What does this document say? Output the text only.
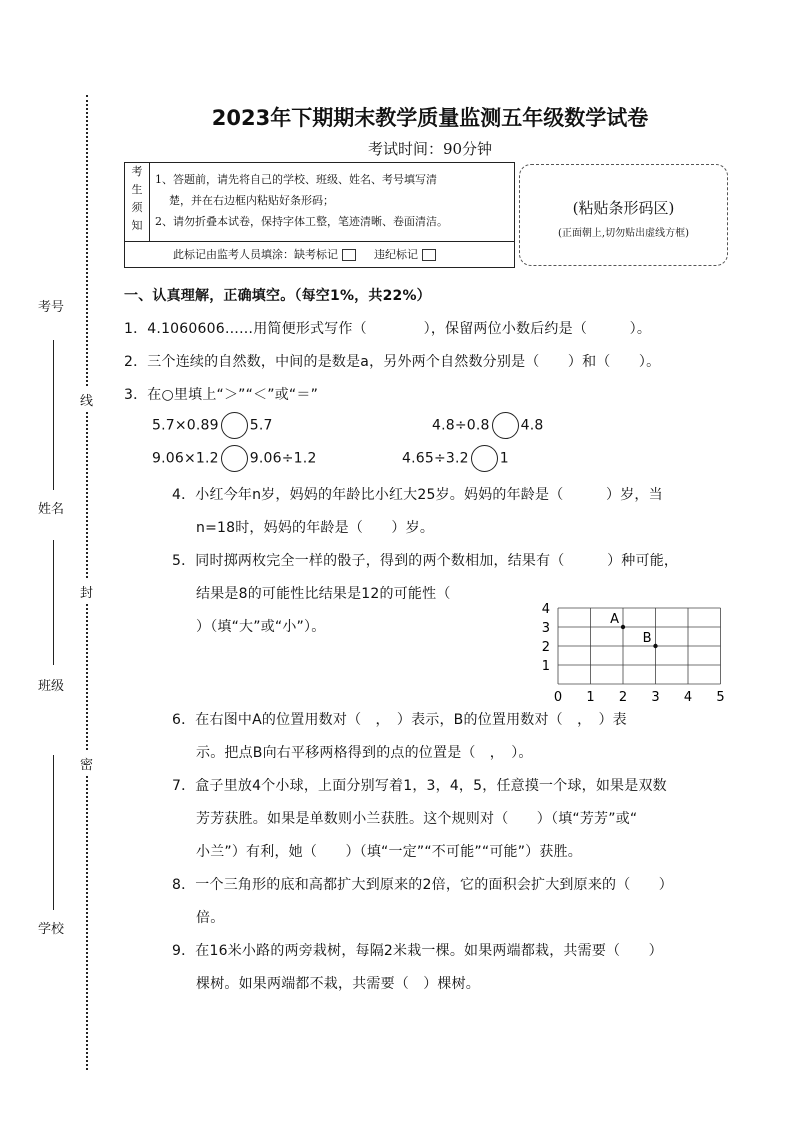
考号
姓名
班级
学校
线
封
密
2023年下期期末教学质量监测五年级数学试卷
考试时间：90分钟
考
生
须
知
1、答题前，请先将自己的学校、班级、姓名、考号填写清
楚，并在右边框内粘贴好条形码；
2、请勿折叠本试卷，保持字体工整，笔迹清晰、卷面清洁。
此标记由监考人员填涂：缺考标记	违纪标记
(粘贴条形码区)
(正面朝上,切勿贴出虚线方框)
一、认真理解，正确填空。（每空1%，共22%）
1．4.1060606……用简便形式写作（　　　　），保留两位小数后约是（　　　）。
2．三个连续的自然数，中间的是数是a，另外两个自然数分别是（　　）和（　　）。
3．在○里填上“＞”“＜”或“＝”
5.7×0.89 5.7	4.8÷0.8 4.8
9.06×1.2 9.06÷1.2	4.65÷3.2 1
4．小红今年n岁，妈妈的年龄比小红大25岁。妈妈的年龄是（　　　）岁，当
n=18时，妈妈的年龄是（　　）岁。
5．同时掷两枚完全一样的骰子，得到的两个数相加，结果有（　　　）种可能，
结果是8的可能性比结果是12的可能性（
）（填“大”或“小”）。
0 1 2 3 4 5
1
2
3
4
A
B
6．在右图中A的位置用数对（　，　）表示，B的位置用数对（　，　）表
示。把点B向右平移两格得到的点的位置是（　，　）。
7．盒子里放4个小球，上面分别写着1，3，4，5，任意摸一个球，如果是双数
芳芳获胜。如果是单数则小兰获胜。这个规则对（　　）（填“芳芳”或“
小兰”）有利，她（　　）（填“一定”“不可能”“可能”）获胜。
8．一个三角形的底和高都扩大到原来的2倍，它的面积会扩大到原来的（　　）
倍。
9．在16米小路的两旁栽树，每隔2米栽一棵。如果两端都栽，共需要（　　）
棵树。如果两端都不栽，共需要（　）棵树。
